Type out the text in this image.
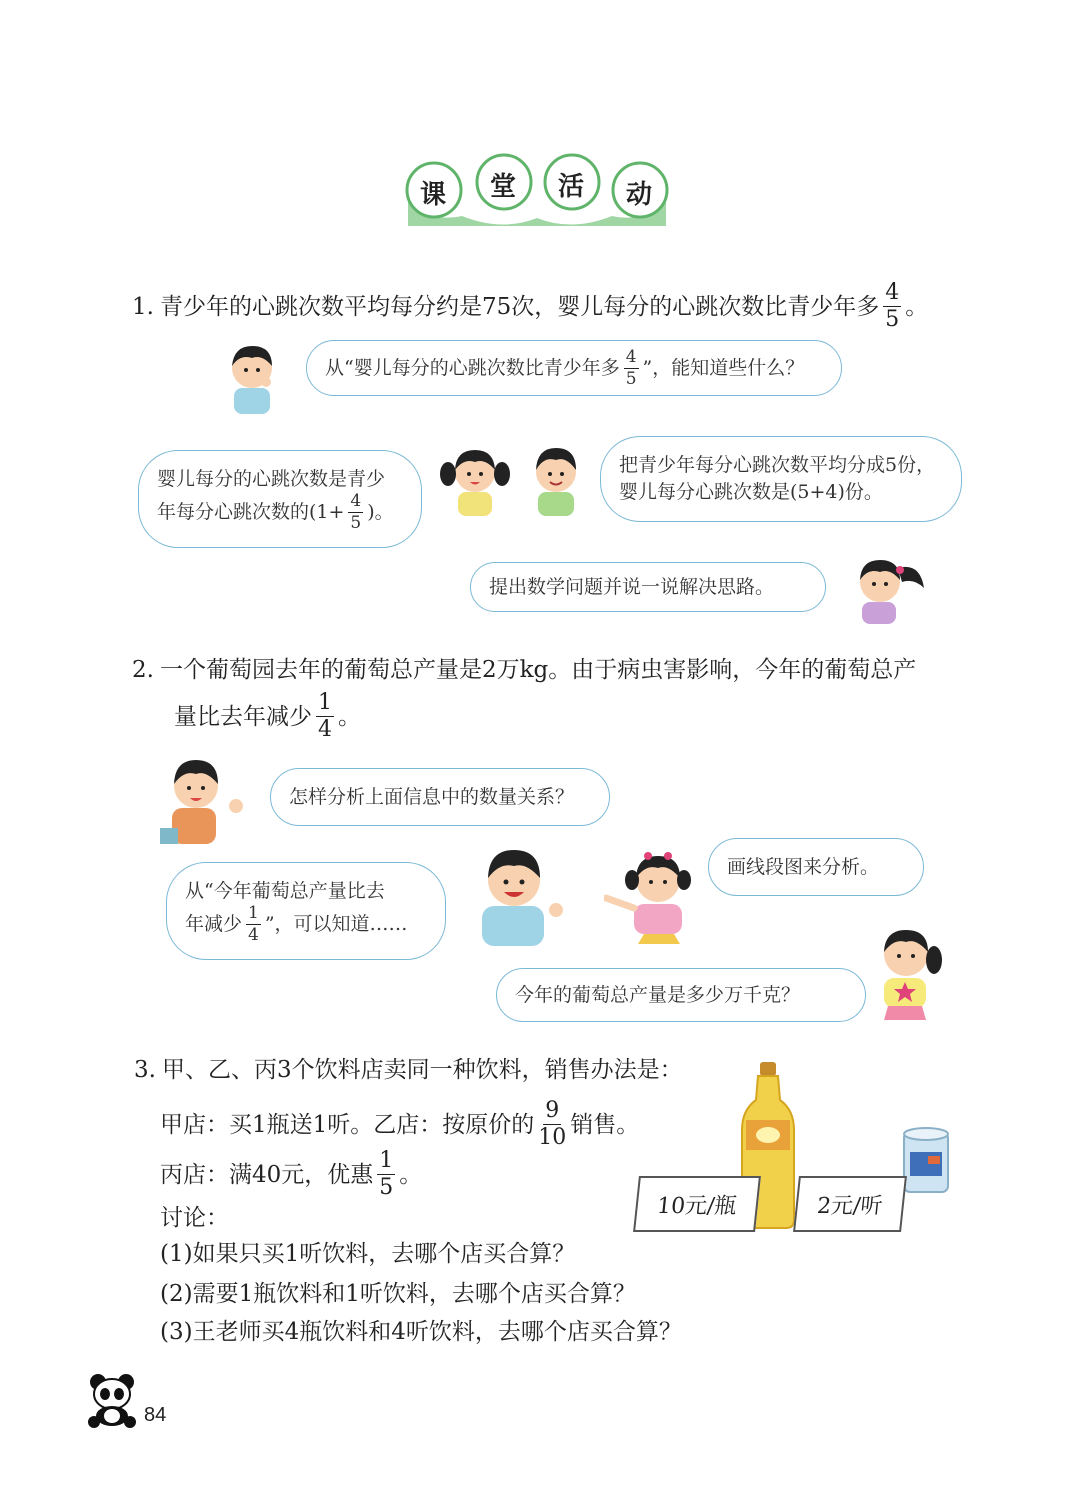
课 堂 活 动
1. 青少年的心跳次数平均每分约是75次，婴儿每分的心跳次数比青少年多 $\frac{4}{5}$ 。
从“婴儿每分的心跳次数比青少年多 $\frac{4}{5}$ ”，能知道些什么？
婴儿每分的心跳次数是青少
年每分心跳次数的($1+ \frac{4}{5}$ )。
把青少年每分心跳次数平均分成5份，
婴儿每分心跳次数是(5+4)份。
提出数学问题并说一说解决思路。
2. 一个葡萄园去年的葡萄总产量是2万kg。由于病虫害影响，今年的葡萄总产
量比去年减少 $\frac{1}{4}$ 。
怎样分析上面信息中的数量关系？
从“今年葡萄总产量比去
年减少 $\frac{1}{4}$ ”，可以知道……
画线段图来分析。
今年的葡萄总产量是多少万千克？
3. 甲、乙、丙3个饮料店卖同一种饮料，销售办法是：
甲店：买1瓶送1听。乙店：按原价的 $\frac{9}{10}$ 销售。
丙店：满40元，优惠 $\frac{1}{5}$ 。
讨论：
(1)如果只买1听饮料，去哪个店买合算？
(2)需要1瓶饮料和1听饮料，去哪个店买合算？
(3)王老师买4瓶饮料和4听饮料，去哪个店买合算？
10元/瓶	2元/听
84
